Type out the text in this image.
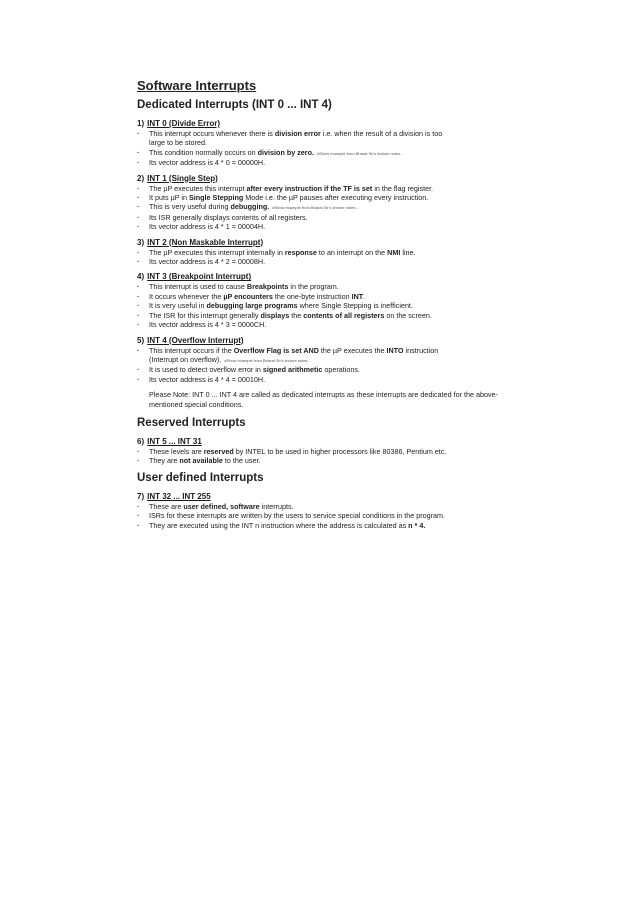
Software Interrupts
Dedicated Interrupts (INT 0 ... INT 4)
1) INT 0 (Divide Error)
· This interrupt occurs whenever there is division error i.e. when the result of a division is too
large to be stored.
· This condition normally occurs on division by zero. #Show example from Bharat Sir's lecture notes...
· Its vector address is 4 * 0 = 00000H.
2) INT 1 (Single Step)
· The µP executes this interrupt after every instruction if the TF is set in the flag register.
· It puts µP in Single Stepping Mode i.e. the µP pauses after executing every instruction.
· This is very useful during debugging. #Show example from Bharat Sir's lecture notes...
· Its ISR generally displays contents of all registers.
· Its vector address is 4 * 1 = 00004H.
3) INT 2 (Non Maskable Interrupt)
· The µP executes this interrupt internally in response to an interrupt on the NMI line.
· Its vector address is 4 * 2 = 00008H.
4) INT 3 (Breakpoint Interrupt)
· This interrupt is used to cause Breakpoints in the program.
· It occurs whenever the µP encounters the one-byte instruction INT.
· It is very useful in debugging large programs where Single Stepping is inefficient.
· The ISR for this interrupt generally displays the contents of all registers on the screen.
· Its vector address is 4 * 3 = 0000CH.
5) INT 4 (Overflow Interrupt)
· This interrupt occurs if the Overflow Flag is set AND the µP executes the INTO instruction
(Interrupt on overflow). #Show example from Bharat Sir's lecture notes...
· It is used to detect overflow error in signed arithmetic operations.
· Its vector address is 4 * 4 = 00010H.
Please Note: INT 0 ... INT 4 are called as dedicated interrupts as these interrupts are dedicated for the above-mentioned special conditions.
Reserved Interrupts
6) INT 5 ... INT 31
· These levels are reserved by INTEL to be used in higher processors like 80386, Pentium etc.
· They are not available to the user.
User defined Interrupts
7) INT 32 ... INT 255
· These are user defined, software interrupts.
· ISRs for these interrupts are written by the users to service special conditions in the program.
· They are executed using the INT n instruction where the address is calculated as n * 4.
